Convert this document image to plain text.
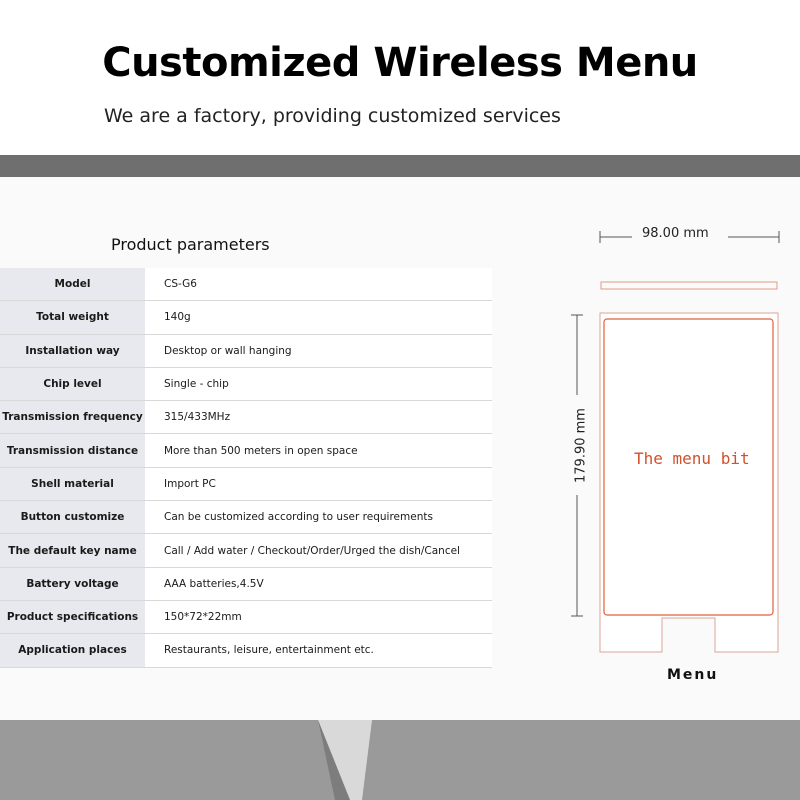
Customized Wireless Menu
We are a factory, providing customized services
Product parameters
Model	CS-G6
Total weight	140g
Installation way	Desktop or wall hanging
Chip level	Single - chip
Transmission frequency	315/433MHz
Transmission distance	More than 500 meters in open space
Shell material	Import PC
Button customize	Can be customized according to user requirements
The default key name	Call / Add water / Checkout/Order/Urged the dish/Cancel
Battery voltage	AAA batteries,4.5V
Product specifications	150*72*22mm
Application places	Restaurants, leisure, entertainment etc.
98.00 mm
179.90 mm	The menu bit
Menu
